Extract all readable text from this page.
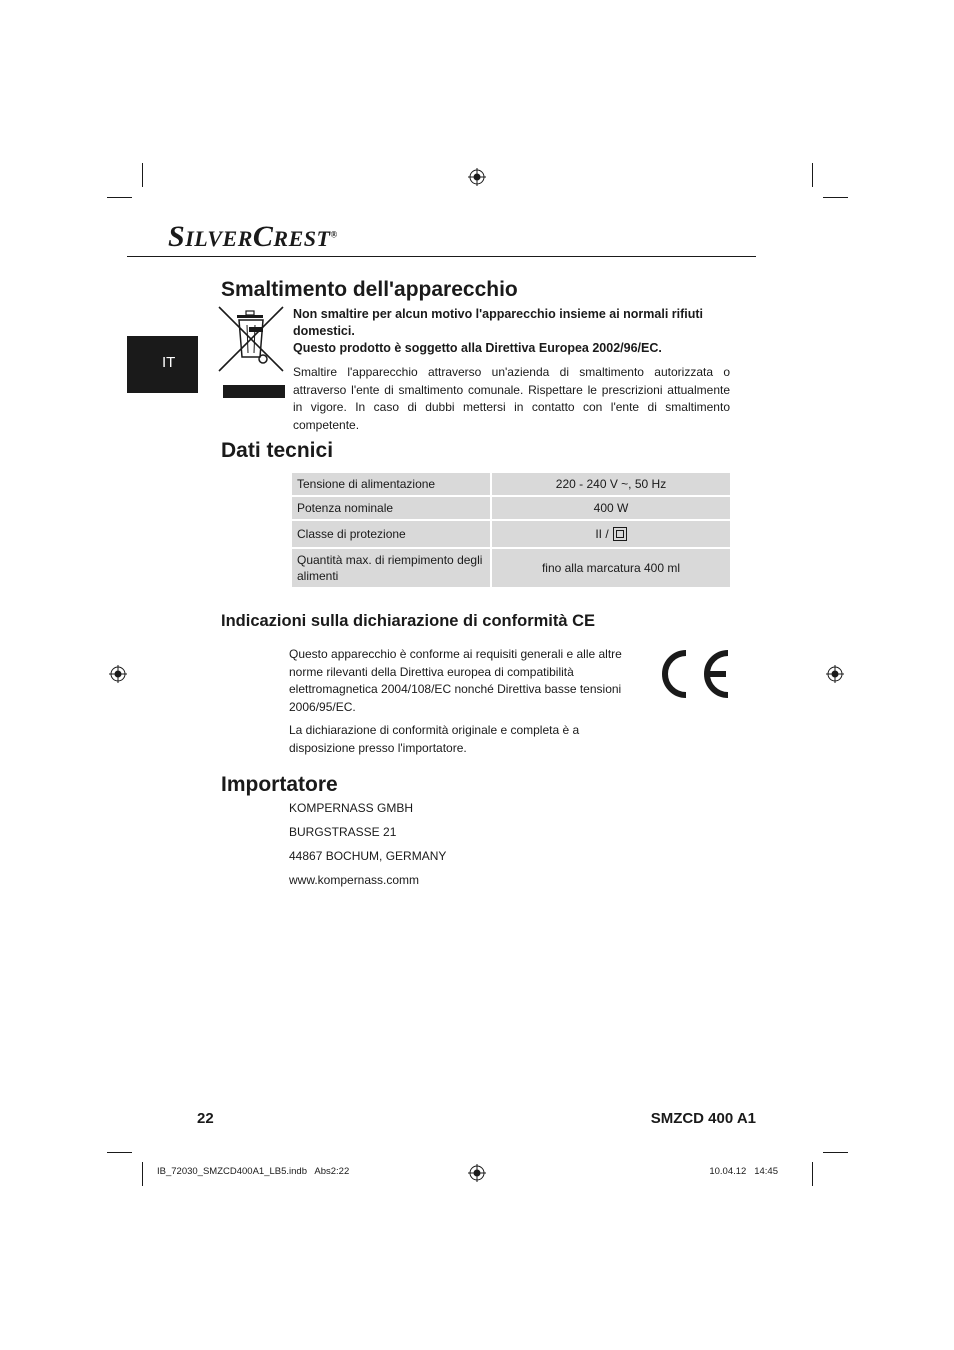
SILVERCREST®
IT
Smaltimento dell'apparecchio

Non smaltire per alcun motivo l'apparecchio insieme ai normali rifiuti domestici.

Questo prodotto è soggetto alla Direttiva Europea 2002/96/EC.

Smaltire l'apparecchio attraverso un'azienda di smaltimento autorizzata o attraverso l'ente di smaltimento comunale. Rispettare le prescrizioni attualmente in vigore. In caso di dubbi mettersi in contatto con l'ente di smaltimento competente.

Dati tecnici
Tensione di alimentazione	220 - 240 V ~, 50 Hz
Potenza nominale	400 W
Classe di protezione	II /
Quantità max. di riempimento degli alimenti	fino alla marcatura 400 ml
Indicazioni sulla dichiarazione di conformità CE

Questo apparecchio è conforme ai requisiti generali e alle altre norme rilevanti della Direttiva europea di compatibilità elettromagnetica 2004/108/EC nonché Direttiva basse tensioni 2006/95/EC.

La dichiarazione di conformità originale e completa è a disposizione presso l'importatore.

Importatore

KOMPERNASS GMBH

BURGSTRASSE 21

44867 BOCHUM, GERMANY

www.kompernass.comm

22	SMZCD 400 A1
IB_72030_SMZCD400A1_LB5.indb   Abs2:22	10.04.12   14:45
